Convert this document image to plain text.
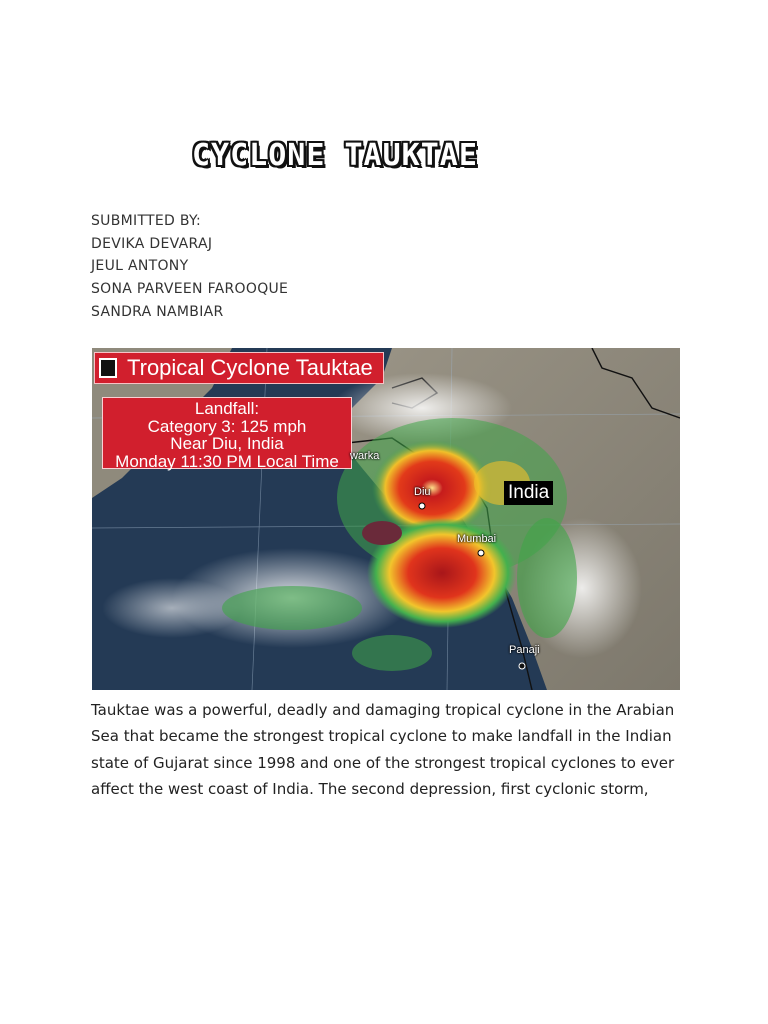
CYCLONE TAUKTAE
SUBMITTED BY:
DEVIKA DEVARAJ
JEUL ANTONY
SONA PARVEEN FAROOQUE
SANDRA NAMBIAR
Tropical Cyclone Tauktae
Landfall:
Category 3: 125 mph
Near Diu, India
Monday 11:30 PM Local Time	warka
Diu	India
Mumbai
Panaji
Tauktae was a powerful, deadly and damaging tropical cyclone in the Arabian Sea that became the strongest tropical cyclone to make landfall in the Indian state of Gujarat since 1998 and one of the strongest tropical cyclones to ever affect the west coast of India. The second depression, first cyclonic storm,
